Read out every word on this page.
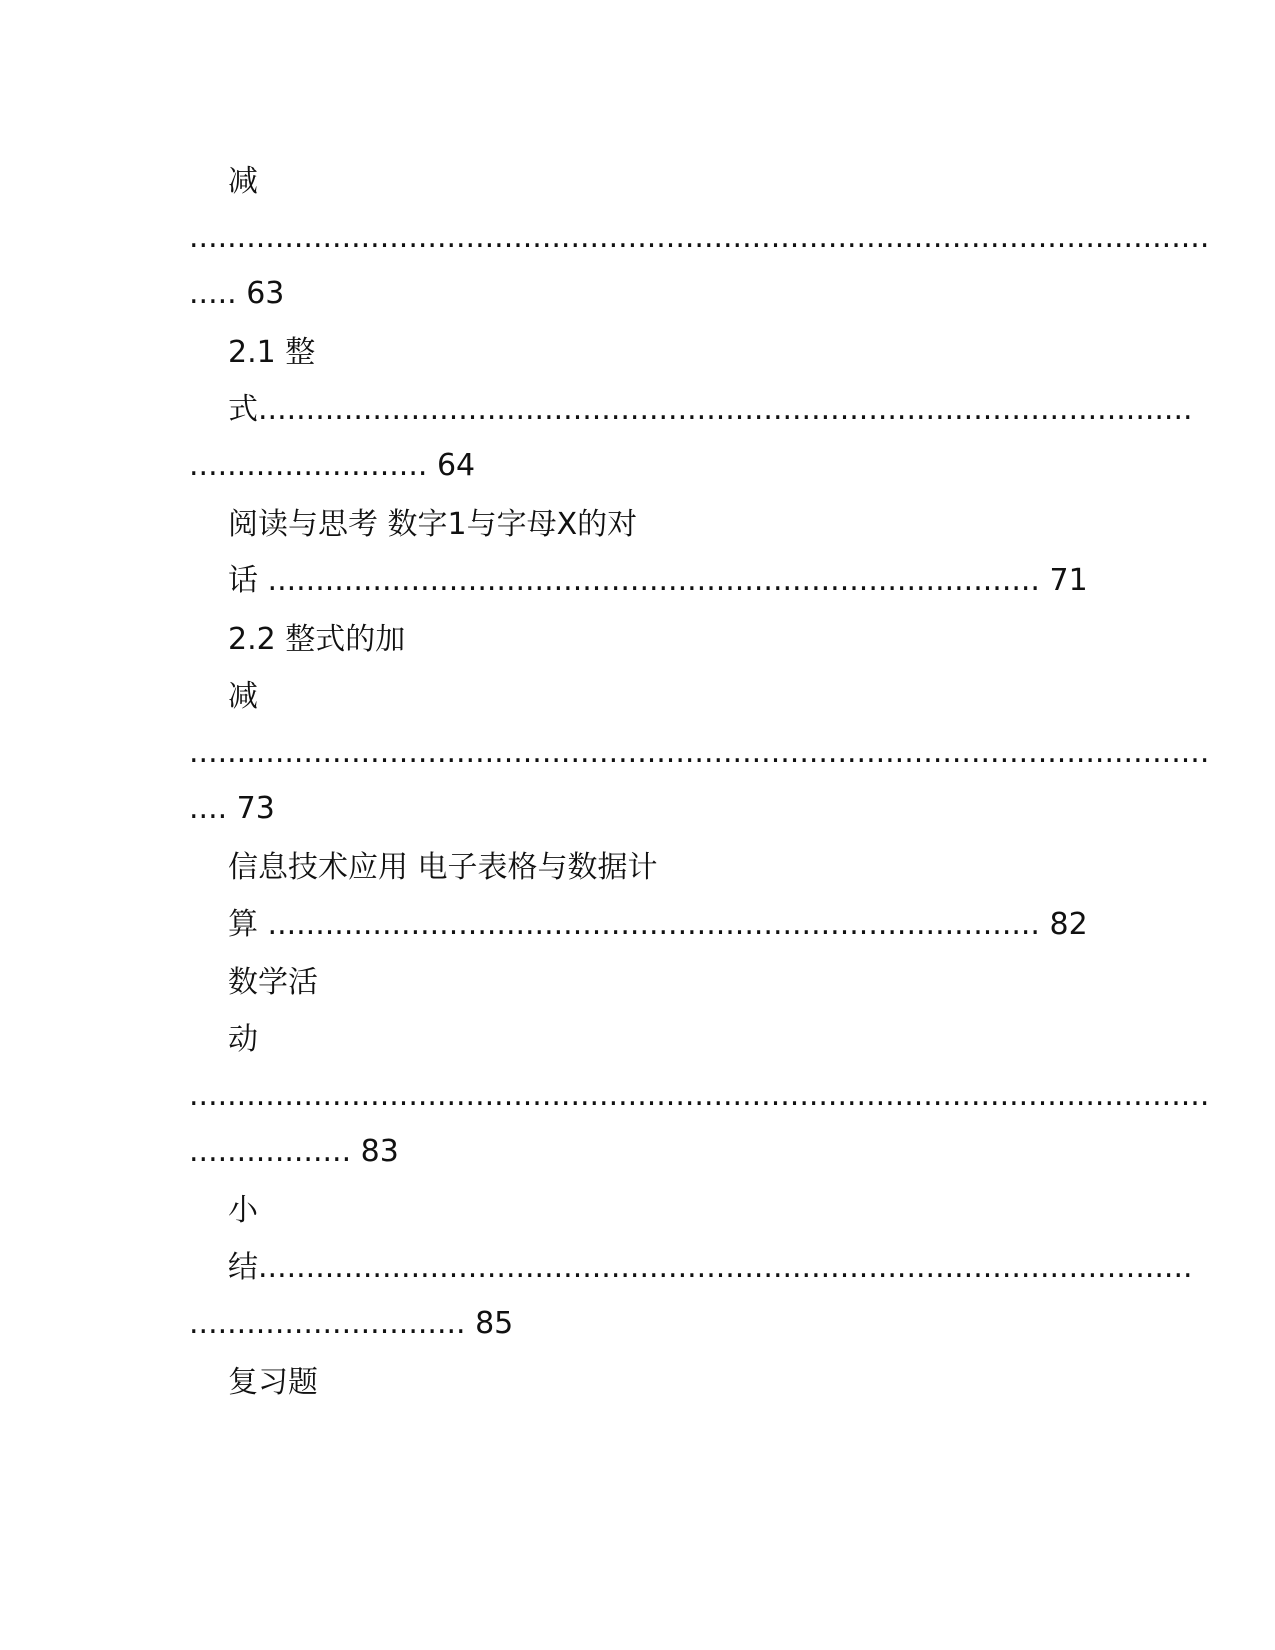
减
...........................................................................................................
..... 63
2.1 整
式..................................................................................................
......................... 64
阅读与思考 数字1与字母X的对
话 ................................................................................. 71
2.2 整式的加
减
...........................................................................................................
.... 73
信息技术应用 电子表格与数据计
算 ................................................................................. 82
数学活
动
...........................................................................................................
................. 83
小
结..................................................................................................
............................. 85
复习题
